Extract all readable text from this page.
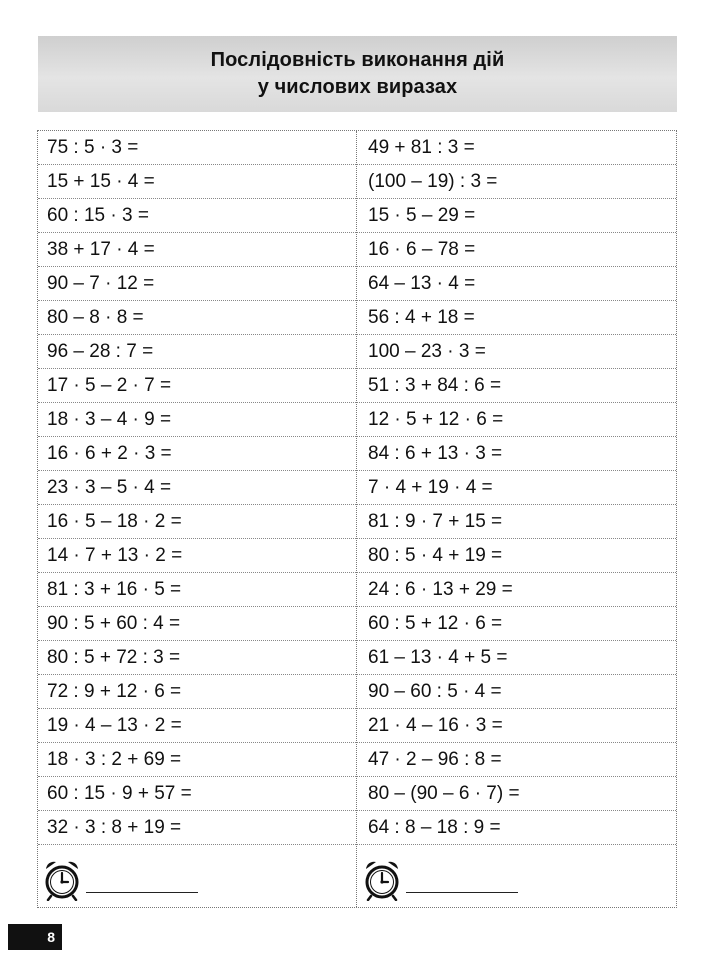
Послідовність виконання дій
у числових виразах
75 : 5 · 3 =	49 + 81 : 3 =
15 + 15 · 4 =	(100 – 19) : 3 =
60 : 15 · 3 =	15 · 5 – 29 =
38 + 17 · 4 =	16 · 6 – 78 =
90 – 7 · 12 =	64 – 13 · 4 =
80 – 8 · 8 =	56 : 4 + 18 =
96 – 28 : 7 =	100 – 23 · 3 =
17 · 5 – 2 · 7 =	51 : 3 + 84 : 6 =
18 · 3 – 4 · 9 =	12 · 5 + 12 · 6 =
16 · 6 + 2 · 3 =	84 : 6 + 13 · 3 =
23 · 3 – 5 · 4 =	7 · 4 + 19 · 4 =
16 · 5 – 18 · 2 =	81 : 9 · 7 + 15 =
14 · 7 + 13 · 2 =	80 : 5 · 4 + 19 =
81 : 3 + 16 · 5 =	24 : 6 · 13 + 29 =
90 : 5 + 60 : 4 =	60 : 5 + 12 · 6 =
80 : 5 + 72 : 3 =	61 – 13 · 4 + 5 =
72 : 9 + 12 · 6 =	90 – 60 : 5 · 4 =
19 · 4 – 13 · 2 =	21 · 4 – 16 · 3 =
18 · 3 : 2 + 69 =	47 · 2 – 96 : 8 =
60 : 15 · 9 + 57 =	80 – (90 – 6 · 7) =
32 · 3 : 8 + 19 =	64 : 8 – 18 : 9 =
8
